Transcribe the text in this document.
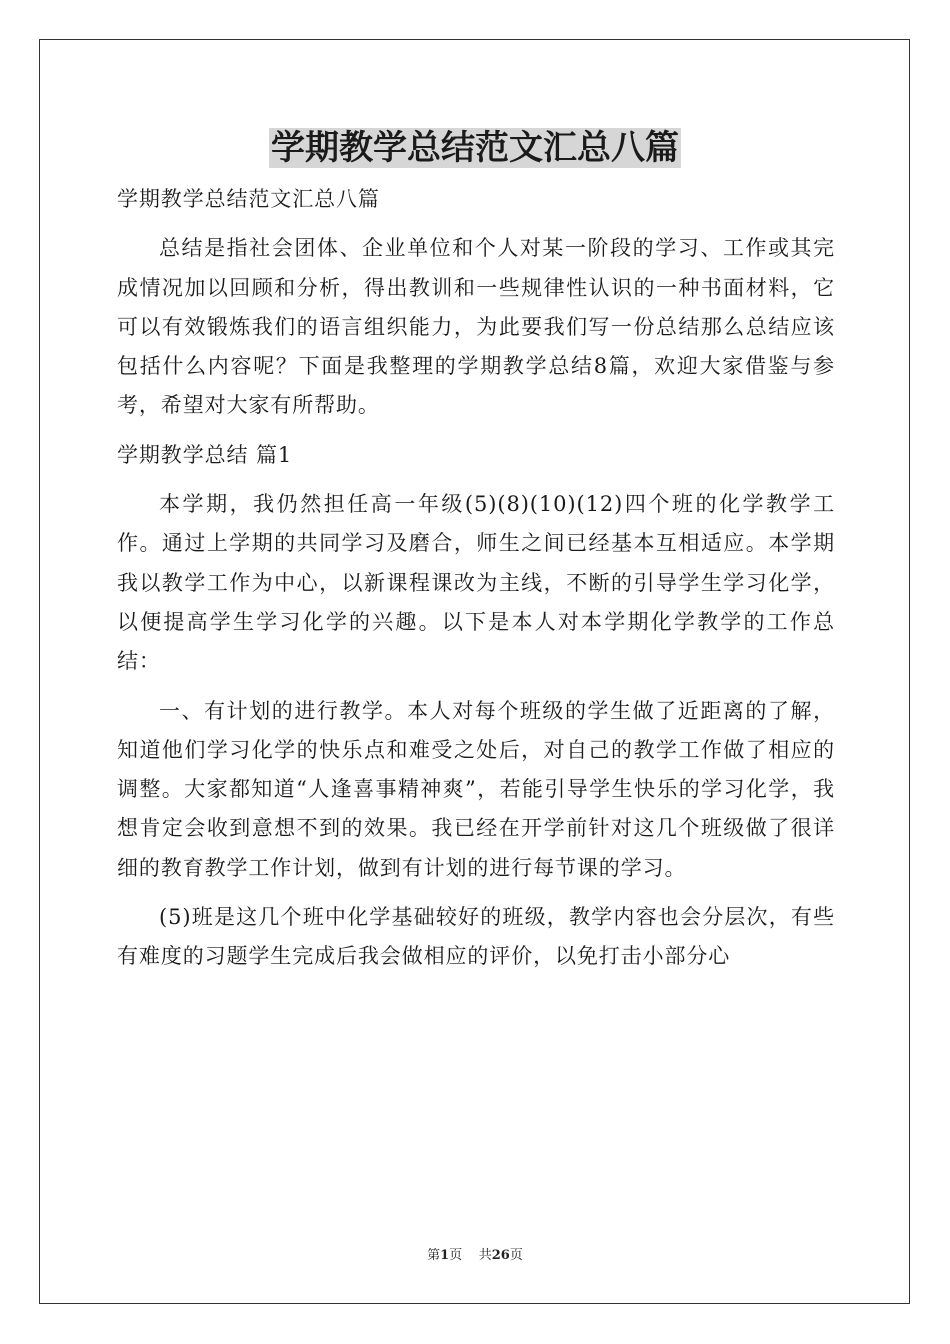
学期教学总结范文汇总八篇

学期教学总结范文汇总八篇

总结是指社会团体、企业单位和个人对某一阶段的学习、工作或其完成情况加以回顾和分析，得出教训和一些规律性认识的一种书面材料，它可以有效锻炼我们的语言组织能力，为此要我们写一份总结那么总结应该包括什么内容呢？下面是我整理的学期教学总结8篇，欢迎大家借鉴与参考，希望对大家有所帮助。

学期教学总结 篇1

本学期，我仍然担任高一年级(5)(8)(10)(12)四个班的化学教学工作。通过上学期的共同学习及磨合，师生之间已经基本互相适应。本学期我以教学工作为中心，以新课程课改为主线，不断的引导学生学习化学，以便提高学生学习化学的兴趣。以下是本人对本学期化学教学的工作总结：

一、有计划的进行教学。本人对每个班级的学生做了近距离的了解，知道他们学习化学的快乐点和难受之处后，对自己的教学工作做了相应的调整。大家都知道“人逢喜事精神爽”，若能引导学生快乐的学习化学，我想肯定会收到意想不到的效果。我已经在开学前针对这几个班级做了很详细的教育教学工作计划，做到有计划的进行每节课的学习。

(5)班是这几个班中化学基础较好的班级，教学内容也会分层次，有些有难度的习题学生完成后我会做相应的评价，以免打击小部分心

第1页    共26页
